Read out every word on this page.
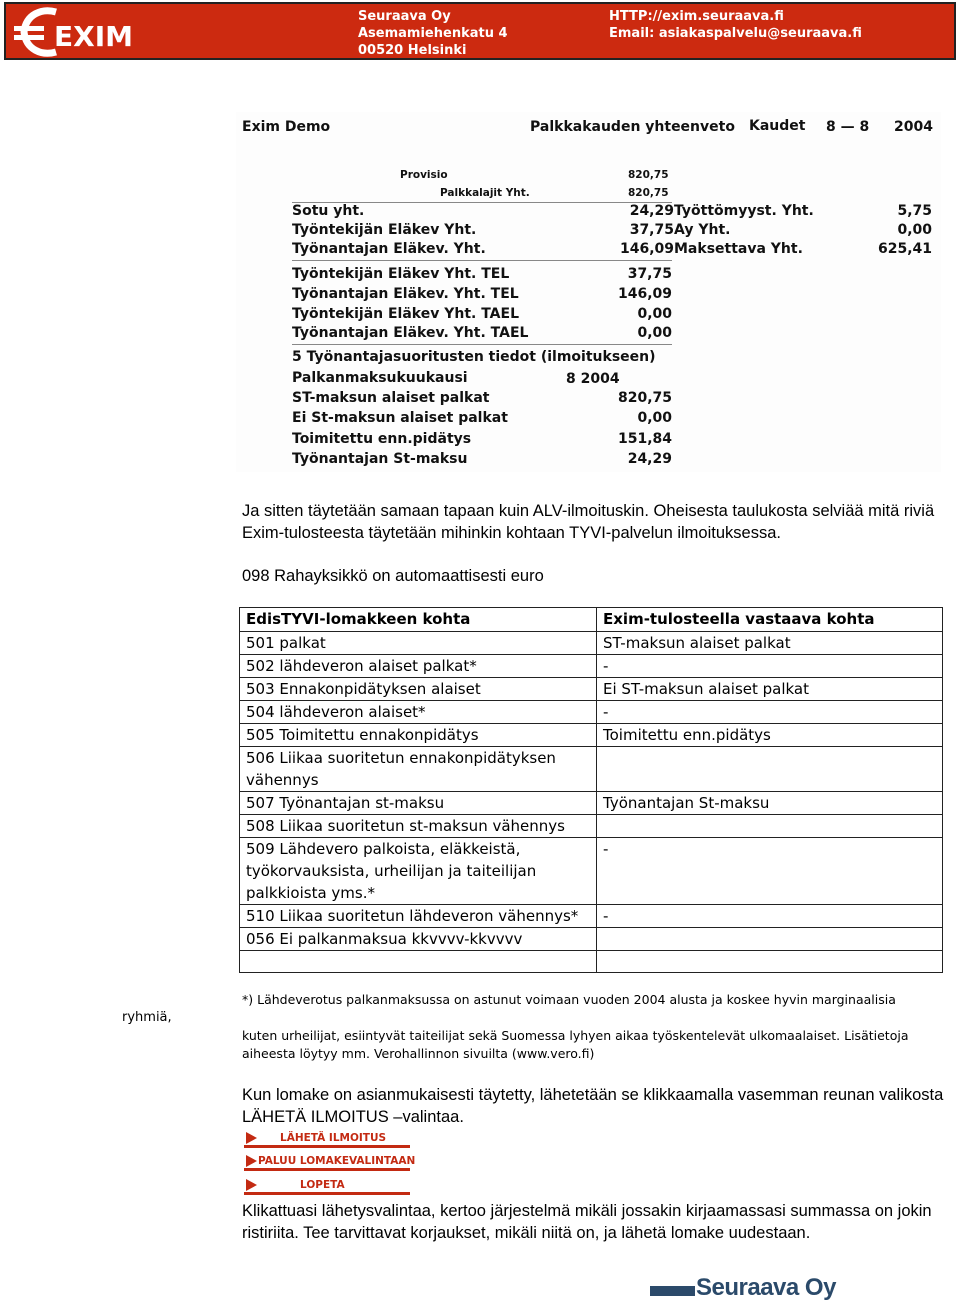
EXIM
Seuraava Oy
Asemamiehenkatu 4
00520 Helsinki
HTTP://exim.seuraava.fi
Email: asiakaspalvelu@seuraava.fi
Exim Demo	Palkkakauden yhteenveto Kaudet 8 — 8 2004
Provisio	820,75
Palkkalajit Yht.	820,75
Sotu yht.	24,29 Työttömyyst. Yht.	5,75
Työntekijän Eläkev Yht.	37,75 Ay Yht.	0,00
Työnantajan Eläkev. Yht.	146,09 Maksettava Yht.	625,41
Työntekijän Eläkev Yht. TEL	37,75
Työnantajan Eläkev. Yht. TEL	146,09
Työntekijän Eläkev Yht. TAEL	0,00
Työnantajan Eläkev. Yht. TAEL	0,00
5 Työnantajasuoritusten tiedot (ilmoitukseen)
Palkanmaksukuukausi	8 2004
ST-maksun alaiset palkat	820,75
Ei St-maksun alaiset palkat	0,00
Toimitettu enn.pidätys	151,84
Työnantajan St-maksu	24,29
Ja sitten täytetään samaan tapaan kuin ALV-ilmoituskin. Oheisesta taulukosta selviää mitä riviä Exim-tulosteesta täytetään mihinkin kohtaan TYVI-palvelun ilmoituksessa.
098 Rahayksikkö on automaattisesti euro
EdisTYVI-lomakkeen kohta	Exim-tulosteella vastaava kohta
501 palkat	ST-maksun alaiset palkat
502 lähdeveron alaiset palkat*	-
503 Ennakonpidätyksen alaiset	Ei ST-maksun alaiset palkat
504 lähdeveron alaiset*	-
505 Toimitettu ennakonpidätys	Toimitettu enn.pidätys
506 Liikaa suoritetun ennakonpidätyksen vähennys	
507 Työnantajan st-maksu	Työnantajan St-maksu
508 Liikaa suoritetun st-maksun vähennys	
509 Lähdevero palkoista, eläkkeistä, työkorvauksista, urheilijan ja taiteilijan palkkioista yms.*	-
510 Liikaa suoritetun lähdeveron vähennys*	-
056 Ei palkanmaksua kkvvvv-kkvvvv	

ryhmiä,
*) Lähdeverotus palkanmaksussa on astunut voimaan vuoden 2004 alusta ja koskee hyvin marginaalisia
kuten urheilijat, esiintyvät taiteilijat sekä Suomessa lyhyen aikaa työskentelevät ulkomaalaiset. Lisätietoja aiheesta löytyy mm. Verohallinnon sivuilta (www.vero.fi)
Kun lomake on asianmukaisesti täytetty, lähetetään se klikkaamalla vasemman reunan valikosta LÄHETÄ ILMOITUS –valintaa.
LÄHETÄ ILMOITUS
PALUU LOMAKEVALINTAAN
LOPETA
Klikattuasi lähetysvalintaa, kertoo järjestelmä mikäli jossakin kirjaamassasi summassa on jokin ristiriita. Tee tarvittavat korjaukset, mikäli niitä on, ja lähetä lomake uudestaan.
Seuraava Oy
